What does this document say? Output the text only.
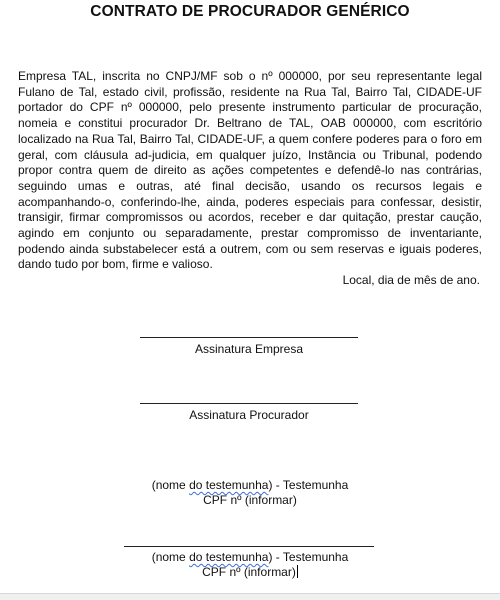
CONTRATO DE PROCURADOR GENÉRICO
Empresa TAL, inscrita no CNPJ/MF sob o nº 000000, por seu representante legal Fulano de Tal, estado civil, profissão, residente na Rua Tal, Bairro Tal, CIDADE-UF portador do CPF nº 000000, pelo presente instrumento particular de procuração, nomeia e constitui procurador Dr. Beltrano de TAL, OAB 000000, com escritório localizado na Rua Tal, Bairro Tal, CIDADE-UF, a quem confere poderes para o foro em geral, com cláusula ad-judicia, em qualquer juízo, Instância ou Tribunal, podendo propor contra quem de direito as ações competentes e defendê-lo nas contrárias, seguindo umas e outras, até final decisão, usando os recursos legais e acompanhando-o, conferindo-lhe, ainda, poderes especiais para confessar, desistir, transigir, firmar compromissos ou acordos, receber e dar quitação, prestar caução, agindo em conjunto ou separadamente, prestar compromisso de inventariante, podendo ainda substabelecer está a outrem, com ou sem reservas e iguais poderes, dando tudo por bom, firme e valioso.
Local, dia de mês de ano.
Assinatura Empresa
Assinatura Procurador
(nome do testemunha) - Testemunha
CPF nº (informar)
(nome do testemunha) - Testemunha
CPF nº (informar)
